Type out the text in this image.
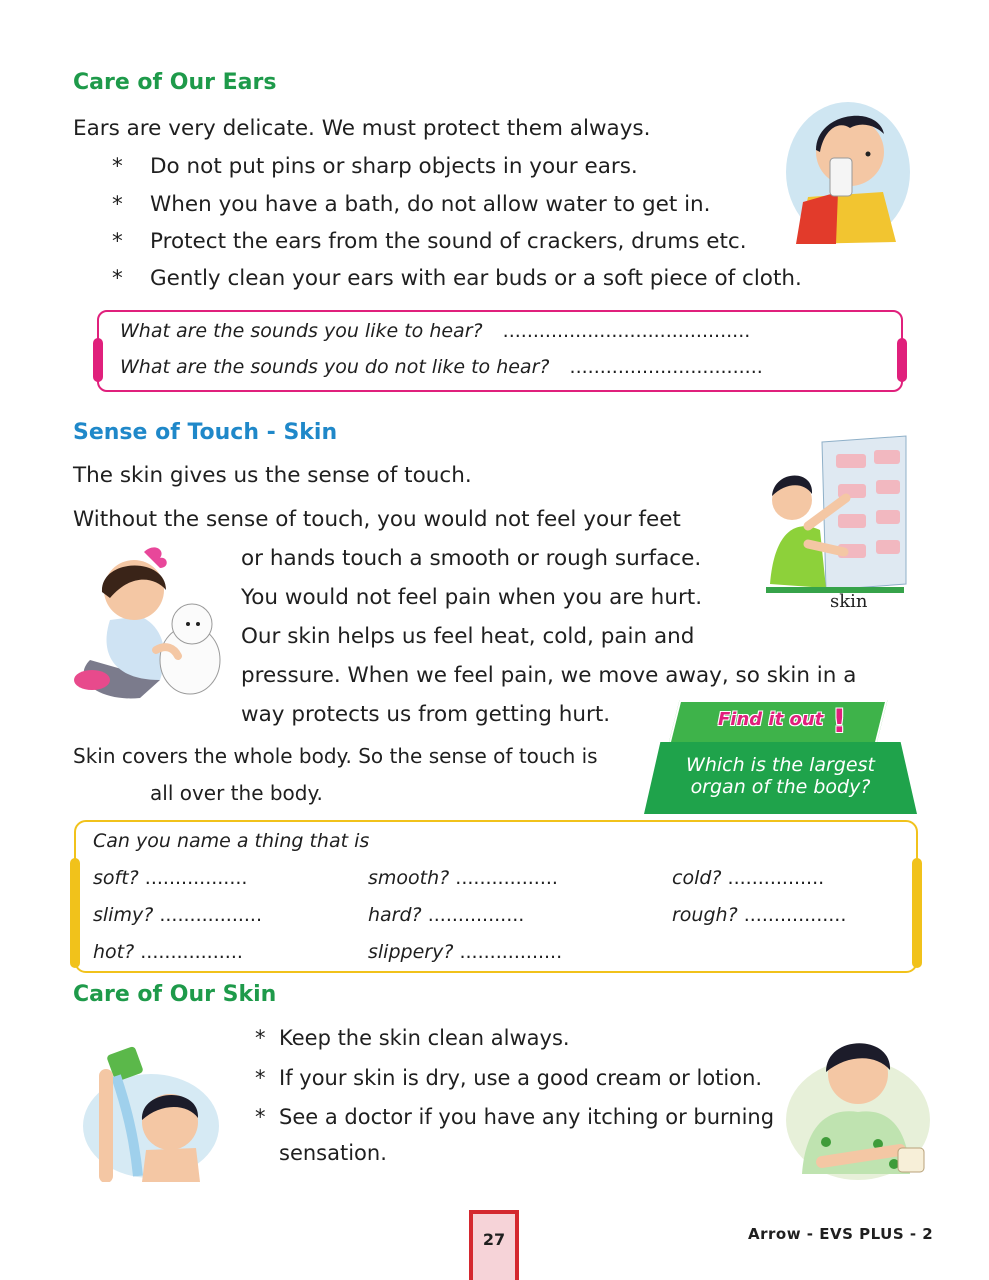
Care of Our Ears
Ears are very delicate. We must protect them always.
* Do not put pins or sharp objects in your ears.
* When you have a bath, do not allow water to get in.
* Protect the ears from the sound of crackers, drums etc.
* Gently clean your ears with ear buds or a soft piece of cloth.
What are the sounds you like to hear? .........................................
What are the sounds you do not like to hear? ................................
Sense of Touch - Skin
The skin gives us the sense of touch.
Without the sense of touch, you would not feel your feet
or hands touch a smooth or rough surface.
You would not feel pain when you are hurt.
Our skin helps us feel heat, cold, pain and
pressure. When we feel pain, we move away, so skin in a
way protects us from getting hurt.
Skin covers the whole body. So the sense of touch is
all over the body.
skin
Find it out !
Which is the largest
organ of the body?
Can you name a thing that is
soft? .................	smooth? .................	cold? ................
slimy? .................	hard? ................	rough? .................
hot? .................	slippery? .................
Care of Our Skin
* Keep the skin clean always.
* If your skin is dry, use a good cream or lotion.
* See a doctor if you have any itching or burning
sensation.
27	Arrow - EVS PLUS - 2
